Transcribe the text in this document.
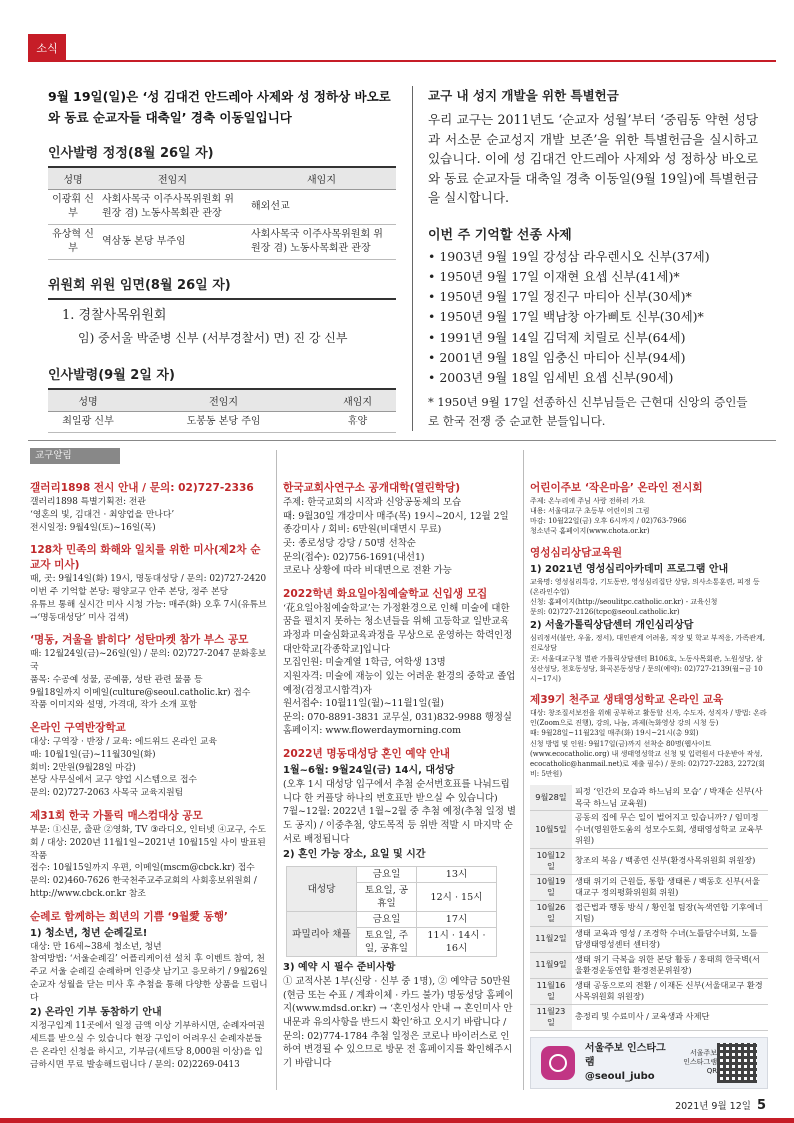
소식
9월 19일(일)은 ‘성 김대건 안드레아 사제와 성 정하상 바오로와 동료 순교자들 대축일’ 경축 이동일입니다
인사발령 정정(8월 26일 자)
성명	전임지	새임지
이광휘 신부	사회사목국 이주사목위원회 위원장 겸) 노동사목회관 관장	해외선교
유상혁 신부	역삼동 본당 부주임	사회사목국 이주사목위원회 위원장 겸) 노동사목회관 관장
위원회 위원 임면(8월 26일 자)
1. 경찰사목위원회
임) 중서울 박준병 신부 (서부경찰서) 면) 진 강 신부
인사발령(9월 2일 자)
성명	전임지	새임지
최일광 신부	도봉동 본당 주임	휴양
교구 내 성지 개발을 위한 특별헌금

우리 교구는 2011년도 ‘순교자 성월’부터 ‘중림동 약현 성당과 서소문 순교성지 개발 보존’을 위한 특별헌금을 실시하고 있습니다. 이에 성 김대건 안드레아 사제와 성 정하상 바오로와 동료 순교자들 대축일 경축 이동일(9월 19일)에 특별헌금을 실시합니다.

이번 주 기억할 선종 사제
• 1903년 9월 19일 강성삼 라우렌시오 신부(37세)
• 1950년 9월 17일 이재현 요셉 신부(41세)*
• 1950년 9월 17일 정진구 마티아 신부(30세)*
• 1950년 9월 17일 백남창 아가삐토 신부(30세)*
• 1991년 9월 14일 김덕제 치릴로 신부(64세)
• 2001년 9월 18일 임충신 마티아 신부(94세)
• 2003년 9월 18일 임세빈 요셉 신부(90세)
* 1950년 9월 17일 선종하신 신부님들은 근현대 신앙의 증인들로 한국 전쟁 중 순교한 분들입니다.
교구알림
갤러리1898 전시 안내 / 문의: 02)727-2336
갤러리1898 특별기획전: 전관
‘영혼의 빛, 김대건 · 최양업을 만나다’
전시일정: 9월4일(토)~16일(목)
128차 민족의 화해와 일치를 위한 미사(제2차 순교자 미사)
때, 곳: 9월14일(화) 19시, 명동대성당 / 문의: 02)727-2420
이번 주 기억할 본당: 평양교구 안주 본당, 정주 본당
유튜브 통해 실시간 미사 시청 가능: 매주(화) 오후 7시(유튜브→‘명동대성당’ 미사 검색)
‘명동, 겨울을 밝히다’ 성탄마켓 참가 부스 공모
때: 12월24일(금)~26일(일) / 문의: 02)727-2047 문화홍보국
품목: 수공예 성물, 공예품, 성탄 관련 물품 등
9월18일까지 이메일(culture@seoul.catholic.kr) 접수
작품 이미지와 설명, 가격대, 작가 소개 포함
온라인 구역반장학교
대상: 구역장 · 반장 / 교육: 에드위드 온라인 교육
때: 10월1일(금)~11월30일(화)
회비: 2만원(9월28일 마감)
본당 사무실에서 교구 양업 시스템으로 접수
문의: 02)727-2063 사목국 교육지원팀
제31회 한국 가톨릭 매스컴대상 공모
부문: ①신문, 출판 ②영화, TV ③라디오, 인터넷 ④교구, 수도회 / 대상: 2020년 11월1일~2021년 10월15일 사이 발표된 작품
접수: 10월15일까지 우편, 이메일(mscm@cbck.kr) 접수
문의: 02)460-7626 한국천주교주교회의 사회홍보위원회 / http://www.cbck.or.kr 참조
순례로 함께하는 희년의 기쁨 ‘9월愛 동행’
1) 청소년, 청년 순례길로!
대상: 만 16세~38세 청소년, 청년
참여방법: ‘서울순례길’ 어플리케이션 설치 후 이벤트 참여, 천주교 서울 순례길 순례하며 인증샷 남기고 응모하기 / 9월26일 순교자 성월을 닫는 미사 후 추첨을 통해 다양한 상품을 드립니다
2) 온라인 기부 동참하기 안내
지정구입계 11곳에서 일정 금액 이상 기부하시면, 순례자여권세트를 받으실 수 있습니다 현장 구입이 어려우신 순례자분들은 온라인 신청을 하시고, 기부금(세트당 8,000원 이상)을 입금하시면 무료 발송해드립니다 / 문의: 02)2269-0413
한국교회사연구소 공개대학(열린학당)
주제: 한국교회의 시작과 신앙공동체의 모습
때: 9월30일 개강미사 매주(목) 19시~20시, 12월 2일 종강미사 / 회비: 6만원(비대면시 무료)
곳: 종로성당 강당 / 50명 선착순
문의(접수): 02)756-1691(내선1)
코로나 상황에 따라 비대면으로 전환 가능
2022학년 화요일아침예술학교 신입생 모집
‘花요일아침예술학교’는 가정환경으로 인해 미술에 대한 꿈을 펼치지 못하는 청소년들을 위해 고등학교 일반교육과정과 미술심화교육과정을 무상으로 운영하는 학력인정 대안학교[각종학교]입니다
모집인원: 미술계열 1학급, 여학생 13명
지원자격: 미술에 재능이 있는 어려운 환경의 중학교 졸업예정(검정고시합격)자
원서접수: 10월11일(월)~11월1일(월)
문의: 070-8891-3831 교무실, 031)832-9988 행정실
홈페이지: www.flowerdaymorning.com
2022년 명동대성당 혼인 예약 안내
1월~6월: 9월24일(금) 14시, 대성당
(오후 1시 대성당 입구에서 추첨 순서번호표를 나눠드립니다 한 커플당 하나의 번호표만 받으실 수 있습니다)
7월~12월: 2022년 1월~2월 중 추첨 예정(추첨 일정 별도 공지) / 이중추첨, 양도목적 등 위반 적발 시 마지막 순서로 배정됩니다
2) 혼인 가능 장소, 요일 및 시간
대성당	금요일	13시
	토요일, 공휴일	12시 · 15시
파밀리아 채플	금요일	17시
	토요일, 주일, 공휴일	11시 · 14시 · 16시
3) 예약 시 필수 준비사항
① 교적사본 1부(신랑 · 신부 중 1명), ② 예약금 50만원(현금 또는 수표 / 계좌이체 · 카드 불가) 명동성당 홈페이지(www.mdsd.or.kr) → ‘혼인성사 안내 → 혼인미사 안내문과 유의사항을 반드시 확인’하고 오시기 바랍니다 / 문의: 02)774-1784 추첨 일정은 코로나 바이러스로 인하여 변경될 수 있으므로 방문 전 홈페이지를 확인해주시기 바랍니다
어린이주보 ‘작은마음’ 온라인 전시회
주제: 온누리에 주님 사랑 전하러 가요
내용: 서울대교구 초등부 어린이의 그림
마감: 10월22일(금) 오후 6시까지 / 02)763-7966
청소년국 홈페이지(www.chota.or.kr)
영성심리상담교육원
1) 2021년 영성심리아카데미 프로그램 안내
교육명: 영성심리특강, 기도동반, 영성심리집단 상담, 의사소통훈련, 피정 등(온라인수업)
신청: 홈페이지(http://seoulitpc.catholic.or.kr) - 교육신청
문의: 02)727-2126(tcpc@seoul.catholic.kr)
2) 서울가톨릭상담센터 개인심리상담
심리정서(불안, 우울, 정서), 대인관계 어려움, 직장 및 학교 부적응, 가족관계, 진로상담
곳: 서울대교구청 별관 가톨릭상담센터 B106호, 노동사목회관, 노원성당, 삼성산성당, 천호동성당, 화곡본동성당 / 문의(예약): 02)727-2139(월~금 10시~17시)
제39기 천주교 생태영성학교 온라인 교육
대상: 창조질서보전을 위해 공부하고 활동할 신자, 수도자, 성직자 / 방법: 온라인(Zoom으로 진행), 강의, 나눔, 과제(녹화영상 강의 시청 등)
때: 9월28일~11월23일 매주(화) 19시~21시(총 9회)
신청 방법 및 인원: 9월17일(금)까지 선착순 80명(웹사이트(www.ecocatholic.org) 내 생태영성학교 신청 및 입력원서 다운받아 작성, ecocatholic@hanmail.net)로 제출 필수) / 문의: 02)727-2283, 2272(회비: 5만원)
9월28일	피정 ‘인간의 모습과 하느님의 모습’ / 박재순 신부(사목국 하느님 교육원)
10월5일	공동의 집에 무슨 일이 벌어지고 있습니까? / 임미정 수녀(영원한도움의 성모수도회, 생태영성학교 교육부 위원)
10월12일	창조의 복음 / 백종연 신부(환경사목위원회 위원장)
10월19일	생태 위기의 근원들, 통합 생태론 / 백동호 신부(서울대교구 정의평화위원회 위원)
10월26일	접근법과 행동 방식 / 황인철 팀장(녹색연합 기후에너지팀)
11월2일	생태 교육과 영성 / 조경학 수녀(노틀담수녀회, 노틀담생태영성센터 센터장)
11월9일	생태 위기 극복을 위한 본당 활동 / 홍태희 한국벽(서울환경운동연합 환경전문위원장)
11월16일	생태 공동으로의 전환 / 이재돈 신부(서울대교구 환경사목위원회 위원장)
11월23일	총정리 및 수료미사 / 교육생과 사제단
서울주보 인스타그램
@seoul_jubo
서울주보 인스타그램 QR
2021년 9월 12일 5
